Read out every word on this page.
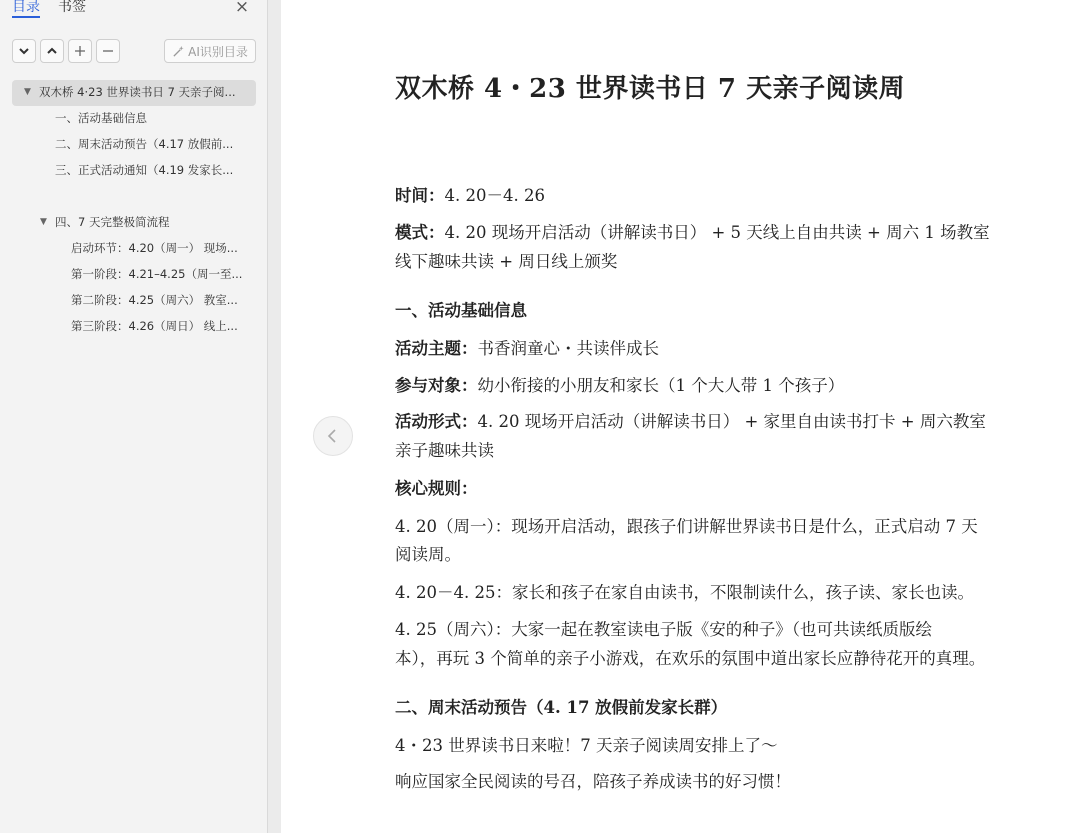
目录 书签	×
AI识别目录
▼ 双木桥 4·23 世界读书日 7 天亲子阅...
一、活动基础信息
二、周末活动预告（4.17 放假前...
三、正式活动通知（4.19 发家长...
▼ 四、7 天完整极简流程
启动环节：4.20（周一） 现场...
第一阶段：4.21–4.25（周一至...
第二阶段：4.25（周六） 教室...
第三阶段：4.26（周日） 线上...
双木桥 4・23 世界读书日 7 天亲子阅读周
时间：4. 20－4. 26
模式：4. 20 现场开启活动（讲解读书日） + 5 天线上自由共读 + 周六 1 场教室
线下趣味共读 + 周日线上颁奖
一、活动基础信息
活动主题：书香润童心・共读伴成长
参与对象：幼小衔接的小朋友和家长（1 个大人带 1 个孩子）
活动形式：4. 20 现场开启活动（讲解读书日） + 家里自由读书打卡 + 周六教室
亲子趣味共读
核心规则：
4. 20（周一）：现场开启活动，跟孩子们讲解世界读书日是什么，正式启动 7 天
阅读周。
4. 20－4. 25：家长和孩子在家自由读书，不限制读什么，孩子读、家长也读。
4. 25（周六）：大家一起在教室读电子版《安的种子》（也可共读纸质版绘
本），再玩 3 个简单的亲子小游戏，在欢乐的氛围中道出家长应静待花开的真理。
二、周末活动预告（4. 17 放假前发家长群）
4・23 世界读书日来啦！7 天亲子阅读周安排上了～
响应国家全民阅读的号召，陪孩子养成读书的好习惯！
